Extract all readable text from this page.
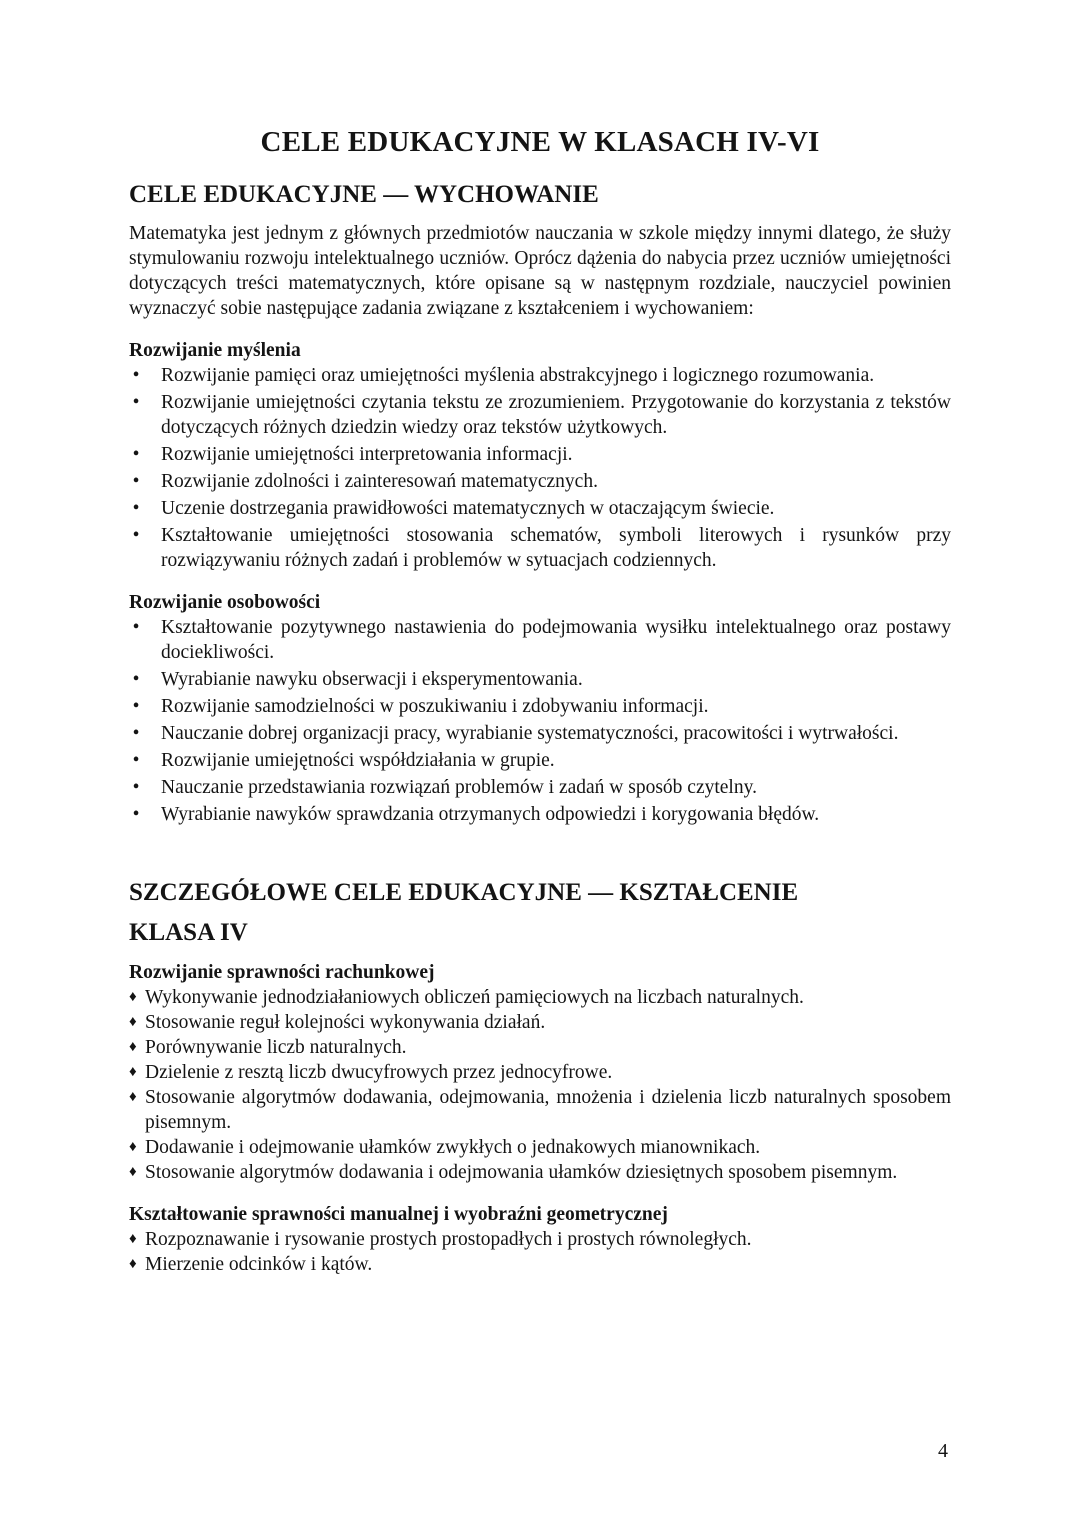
CELE EDUKACYJNE W KLASACH IV-VI
CELE EDUKACYJNE — WYCHOWANIE

Matematyka jest jednym z głównych przedmiotów nauczania w szkole między innymi dlatego, że służy stymulowaniu rozwoju intelektualnego uczniów. Oprócz dążenia do nabycia przez uczniów umiejętności dotyczących treści matematycznych, które opisane są w następnym rozdziale, nauczyciel powinien wyznaczyć sobie następujące zadania związane z kształceniem i wychowaniem:

Rozwijanie myślenia

• Rozwijanie pamięci oraz umiejętności myślenia abstrakcyjnego i logicznego rozumowania.
• Rozwijanie umiejętności czytania tekstu ze zrozumieniem. Przygotowanie do korzystania z tekstów dotyczących różnych dziedzin wiedzy oraz tekstów użytkowych.
• Rozwijanie umiejętności interpretowania informacji.
• Rozwijanie zdolności i zainteresowań matematycznych.
• Uczenie dostrzegania prawidłowości matematycznych w otaczającym świecie.
• Kształtowanie umiejętności stosowania schematów, symboli literowych i rysunków przy rozwiązywaniu różnych zadań i problemów w sytuacjach codziennych.

Rozwijanie osobowości

• Kształtowanie pozytywnego nastawienia do podejmowania wysiłku intelektualnego oraz postawy dociekliwości.
• Wyrabianie nawyku obserwacji i eksperymentowania.
• Rozwijanie samodzielności w poszukiwaniu i zdobywaniu informacji.
• Nauczanie dobrej organizacji pracy, wyrabianie systematyczności, pracowitości i wytrwałości.
• Rozwijanie umiejętności współdziałania w grupie.
• Nauczanie przedstawiania rozwiązań problemów i zadań w sposób czytelny.
• Wyrabianie nawyków sprawdzania otrzymanych odpowiedzi i korygowania błędów.
SZCZEGÓŁOWE CELE EDUKACYJNE — KSZTAŁCENIE
KLASA IV

Rozwijanie sprawności rachunkowej

♦ Wykonywanie jednodziałaniowych obliczeń pamięciowych na liczbach naturalnych.
♦ Stosowanie reguł kolejności wykonywania działań.
♦ Porównywanie liczb naturalnych.
♦ Dzielenie z resztą liczb dwucyfrowych przez jednocyfrowe.
♦ Stosowanie algorytmów dodawania, odejmowania, mnożenia i dzielenia liczb naturalnych sposobem pisemnym.
♦ Dodawanie i odejmowanie ułamków zwykłych o jednakowych mianownikach.
♦ Stosowanie algorytmów dodawania i odejmowania ułamków dziesiętnych sposobem pisemnym.

Kształtowanie sprawności manualnej i wyobraźni geometrycznej

♦ Rozpoznawanie i rysowanie prostych prostopadłych i prostych równoległych.
♦ Mierzenie odcinków i kątów.
4
